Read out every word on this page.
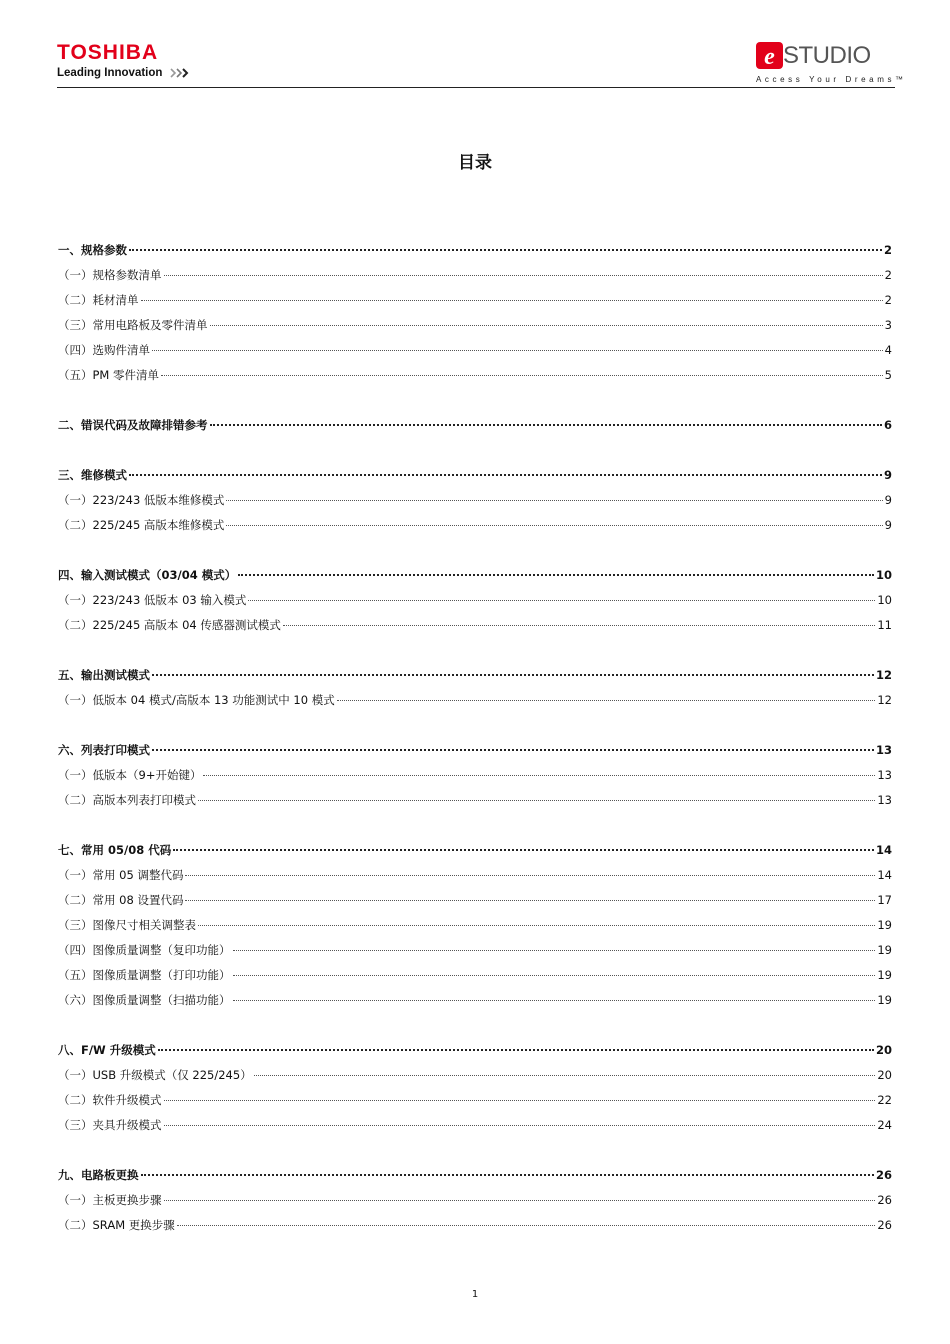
TOSHIBA
Leading Innovation
e STUDIO
Access Your Dreams™
目录
一、规格参数	2
（一）规格参数清单	2
（二）耗材清单	2
（三）常用电路板及零件清单	3
（四）选购件清单	4
（五）PM 零件清单	5
二、错误代码及故障排错参考	6
三、维修模式	9
（一）223/243 低版本维修模式	9
（二）225/245 高版本维修模式	9
四、输入测试模式（03/04 模式）	10
（一）223/243 低版本 03 输入模式	10
（二）225/245 高版本 04 传感器测试模式	11
五、输出测试模式	12
（一）低版本 04 模式/高版本 13 功能测试中 10 模式	12
六、列表打印模式	13
（一）低版本（9+开始键）	13
（二）高版本列表打印模式	13
七、常用 05/08 代码	14
（一）常用 05 调整代码	14
（二）常用 08 设置代码	17
（三）图像尺寸相关调整表	19
（四）图像质量调整（复印功能）	19
（五）图像质量调整（打印功能）	19
（六）图像质量调整（扫描功能）	19
八、F/W 升级模式	20
（一）USB 升级模式（仅 225/245）	20
（二）软件升级模式	22
（三）夹具升级模式	24
九、电路板更换	26
（一）主板更换步骤	26
（二）SRAM 更换步骤	26
1
